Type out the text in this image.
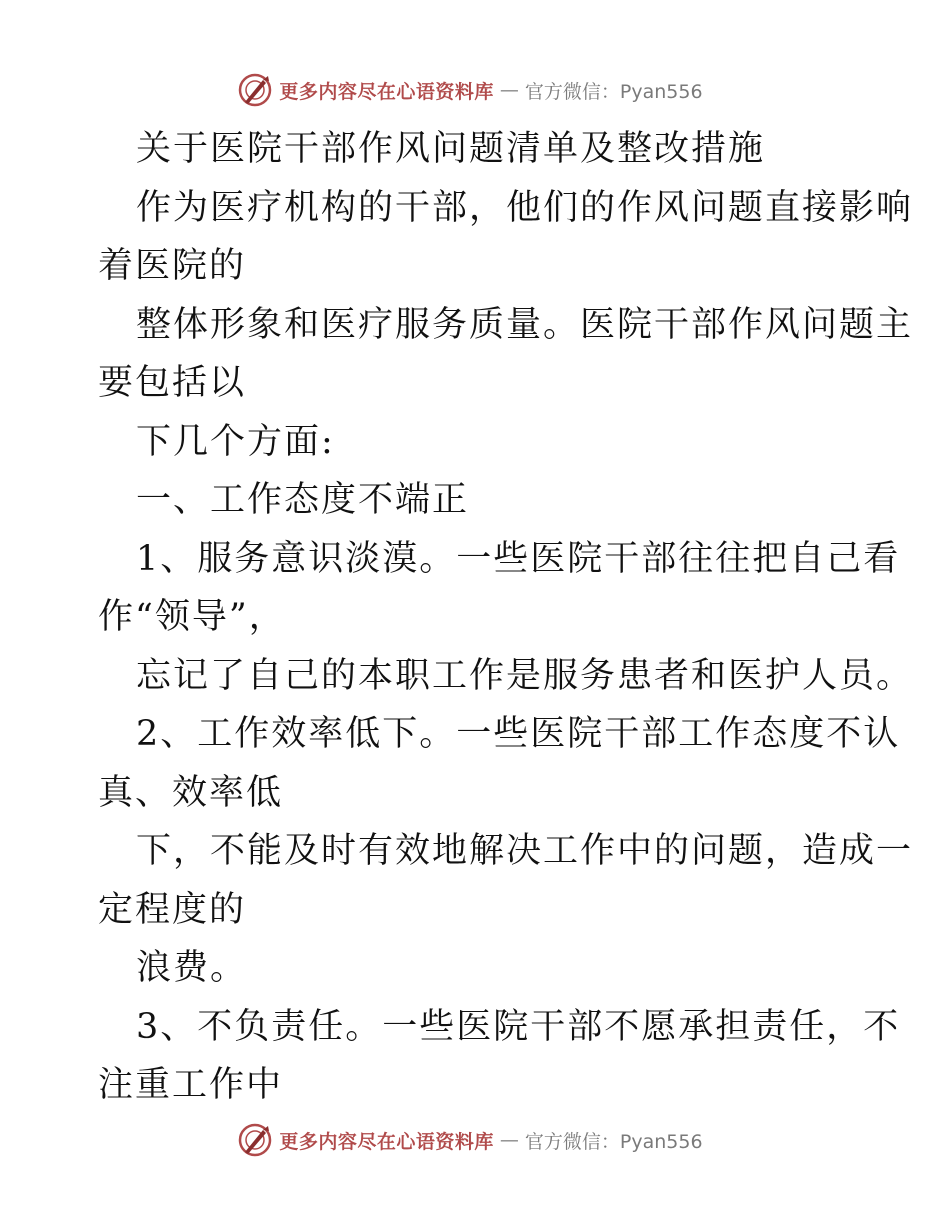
更多内容尽在心语资料库 — 官方微信：Pyan556
关于医院干部作风问题清单及整改措施
作为医疗机构的干部，他们的作风问题直接影响
着医院的
整体形象和医疗服务质量。医院干部作风问题主
要包括以
下几个方面:
一、工作态度不端正
1、服务意识淡漠。一些医院干部往往把自己看
作“领导”，
忘记了自己的本职工作是服务患者和医护人员。
2、工作效率低下。一些医院干部工作态度不认
真、效率低
下，不能及时有效地解决工作中的问题，造成一
定程度的
浪费。
3、不负责任。一些医院干部不愿承担责任，不
注重工作中
更多内容尽在心语资料库 — 官方微信：Pyan556
